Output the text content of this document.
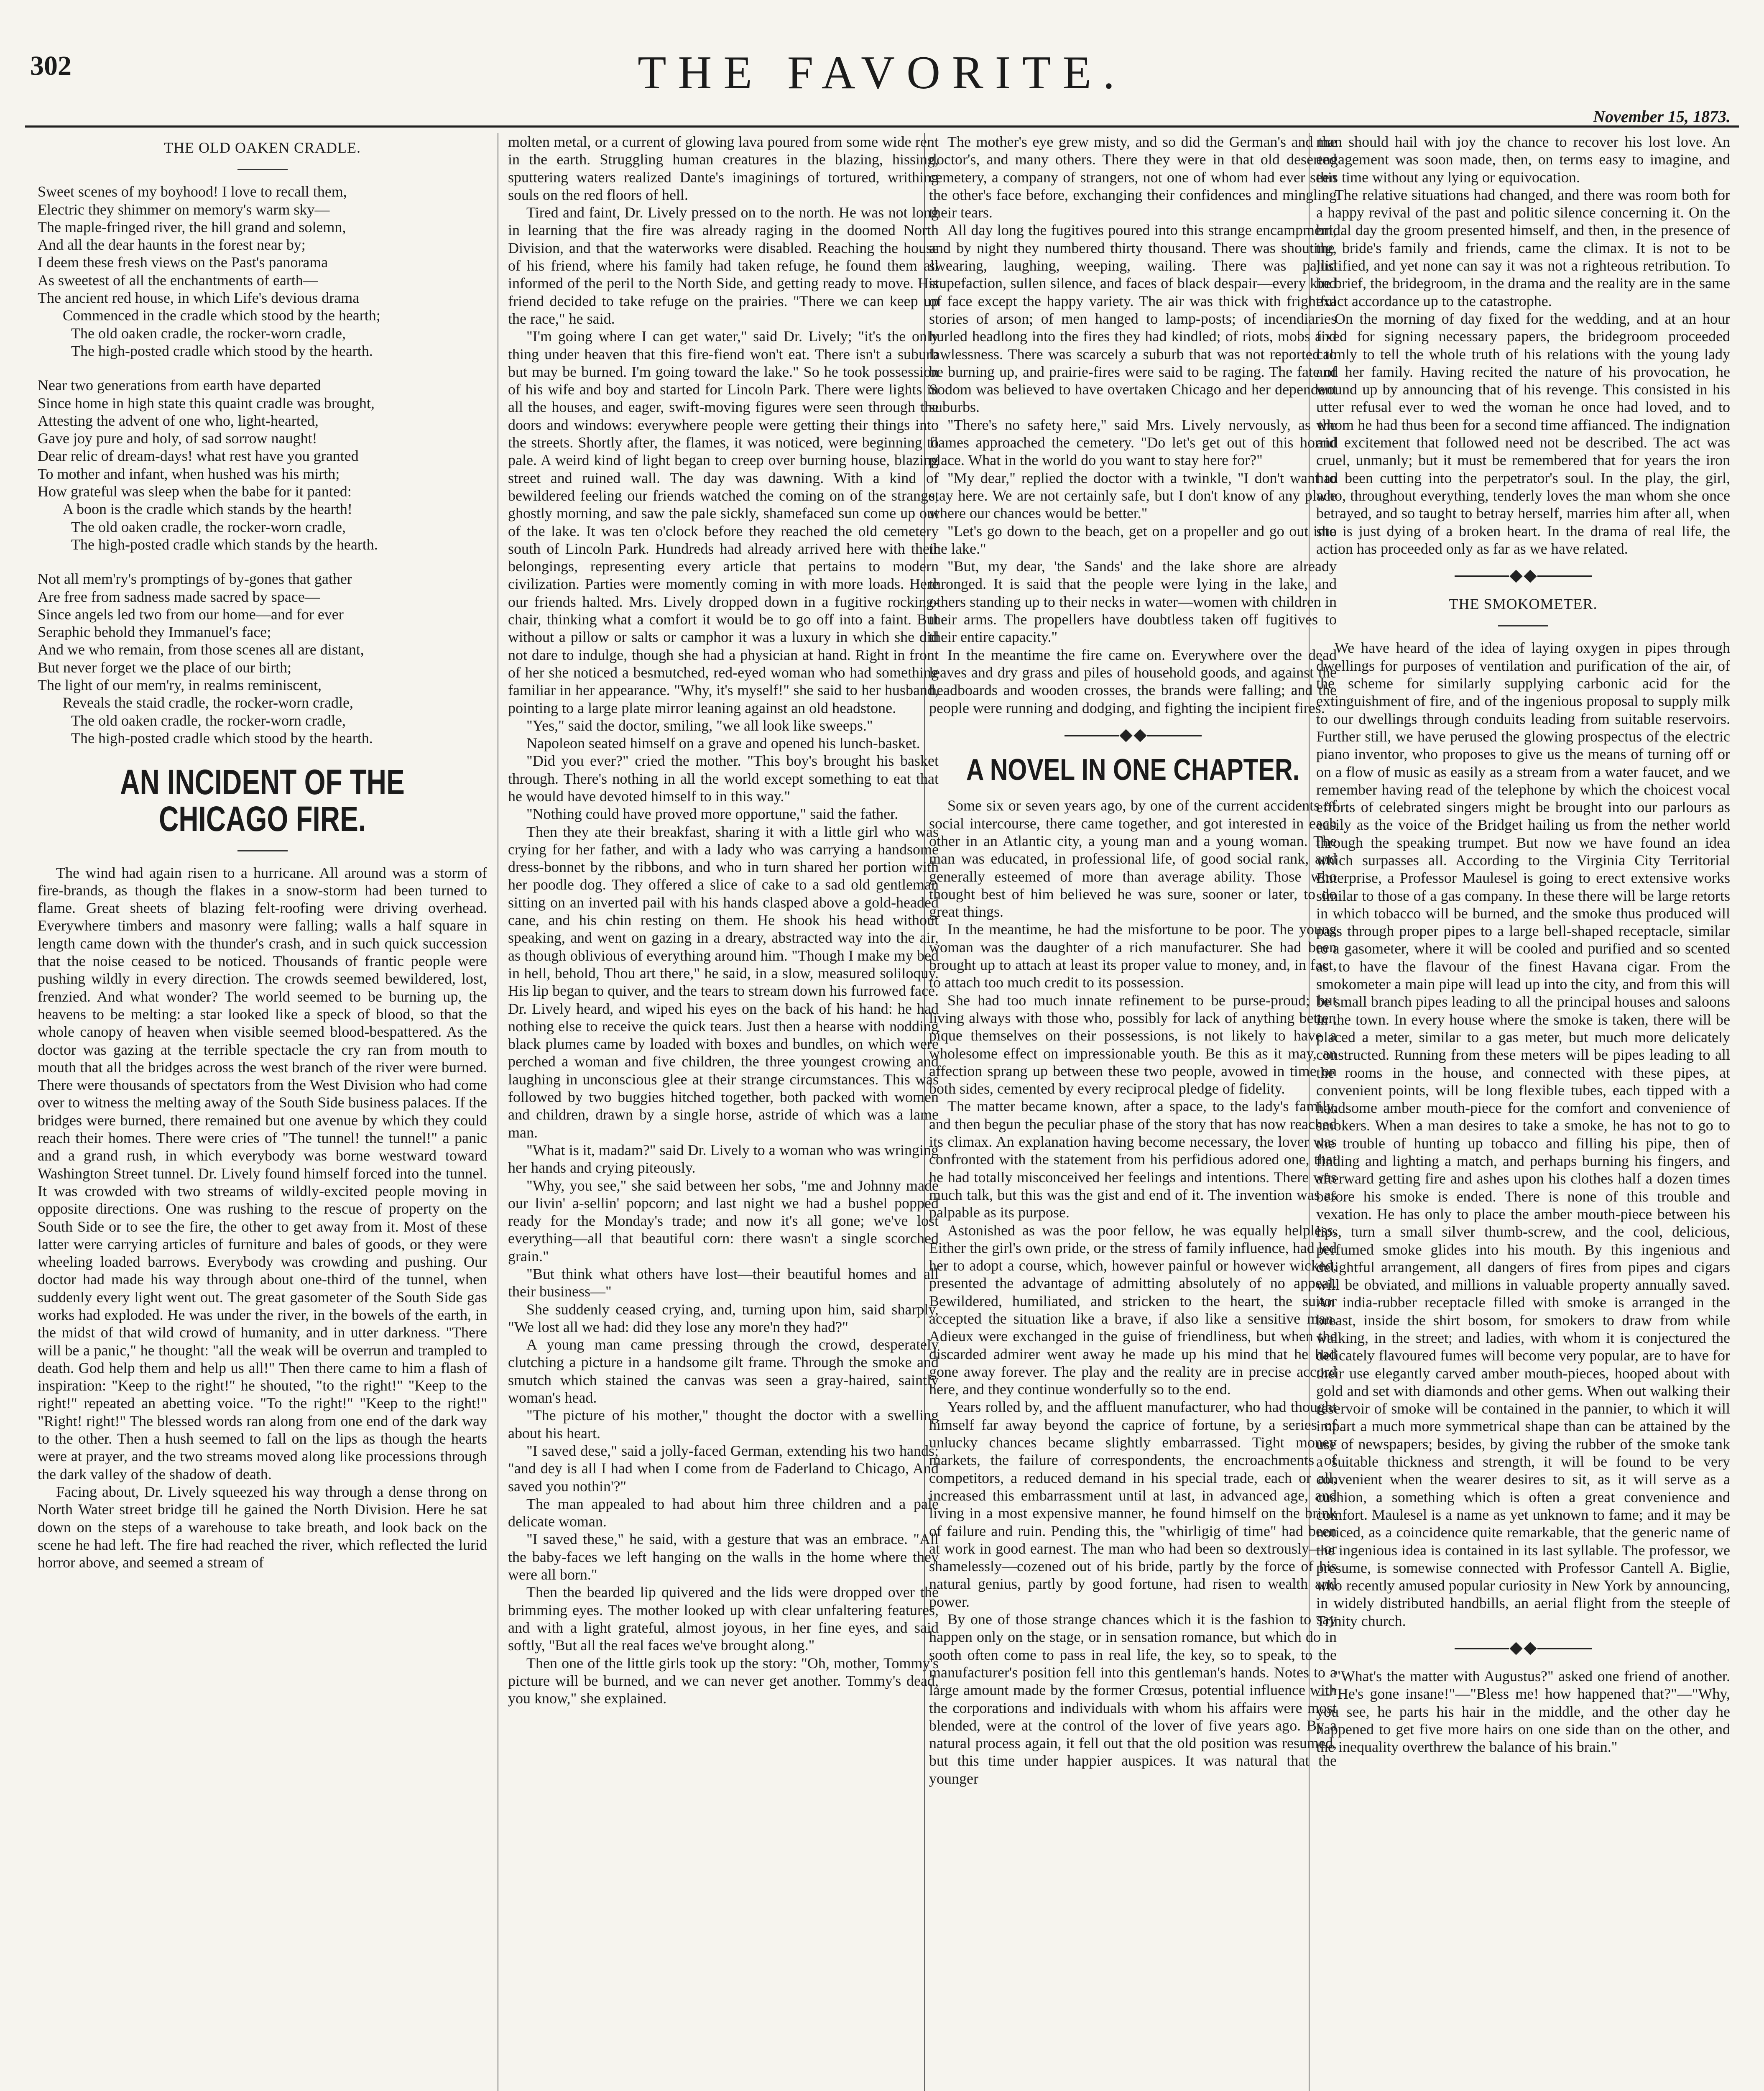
302	THE FAVORITE.
November 15, 1873.
THE OLD OAKEN CRADLE.
Sweet scenes of my boyhood! I love to recall them,
Electric they shimmer on memory's warm sky—
The maple-fringed river, the hill grand and solemn,
And all the dear haunts in the forest near by;
I deem these fresh views on the Past's panorama
As sweetest of all the enchantments of earth—
The ancient red house, in which Life's devious drama
Commenced in the cradle which stood by the hearth;
The old oaken cradle, the rocker-worn cradle,
The high-posted cradle which stood by the hearth.
Near two generations from earth have departed
Since home in high state this quaint cradle was brought,
Attesting the advent of one who, light-hearted,
Gave joy pure and holy, of sad sorrow naught!
Dear relic of dream-days! what rest have you granted
To mother and infant, when hushed was his mirth;
How grateful was sleep when the babe for it panted:
A boon is the cradle which stands by the hearth!
The old oaken cradle, the rocker-worn cradle,
The high-posted cradle which stands by the hearth.
Not all mem'ry's promptings of by-gones that gather
Are free from sadness made sacred by space—
Since angels led two from our home—and for ever
Seraphic behold they Immanuel's face;
And we who remain, from those scenes all are distant,
But never forget we the place of our birth;
The light of our mem'ry, in realms reminiscent,
Reveals the staid cradle, the rocker-worn cradle,
The old oaken cradle, the rocker-worn cradle,
The high-posted cradle which stood by the hearth.
AN INCIDENT OF THE CHICAGO FIRE.

The wind had again risen to a hurricane. All around was a storm of fire-brands, as though the flakes in a snow-storm had been turned to flame. Great sheets of blazing felt-roofing were driving overhead. Everywhere timbers and masonry were falling; walls a half square in length came down with the thunder's crash, and in such quick succession that the noise ceased to be noticed. Thousands of frantic people were pushing wildly in every direction. The crowds seemed bewildered, lost, frenzied. And what wonder? The world seemed to be burning up, the heavens to be melting: a star looked like a speck of blood, so that the whole canopy of heaven when visible seemed blood-bespattered. As the doctor was gazing at the terrible spectacle the cry ran from mouth to mouth that all the bridges across the west branch of the river were burned. There were thousands of spectators from the West Division who had come over to witness the melting away of the South Side business palaces. If the bridges were burned, there remained but one avenue by which they could reach their homes. There were cries of "The tunnel! the tunnel!" a panic and a grand rush, in which everybody was borne westward toward Washington Street tunnel. Dr. Lively found himself forced into the tunnel. It was crowded with two streams of wildly-excited people moving in opposite directions. One was rushing to the rescue of property on the South Side or to see the fire, the other to get away from it. Most of these latter were carrying articles of furniture and bales of goods, or they were wheeling loaded barrows. Everybody was crowding and pushing. Our doctor had made his way through about one-third of the tunnel, when suddenly every light went out. The great gasometer of the South Side gas works had exploded. He was under the river, in the bowels of the earth, in the midst of that wild crowd of humanity, and in utter darkness. "There will be a panic," he thought: "all the weak will be overrun and trampled to death. God help them and help us all!" Then there came to him a flash of inspiration: "Keep to the right!" he shouted, "to the right!" "Keep to the right!" repeated an abetting voice. "To the right!" "Keep to the right!" "Right! right!" The blessed words ran along from one end of the dark way to the other. Then a hush seemed to fall on the lips as though the hearts were at prayer, and the two streams moved along like processions through the dark valley of the shadow of death.

Facing about, Dr. Lively squeezed his way through a dense throng on North Water street bridge till he gained the North Division. Here he sat down on the steps of a warehouse to take breath, and look back on the scene he had left. The fire had reached the river, which reflected the lurid horror above, and seemed a stream of

molten metal, or a current of glowing lava poured from some wide rent in the earth. Struggling human creatures in the blazing, hissing, sputtering waters realized Dante's imaginings of tortured, writhing souls on the red floors of hell.

Tired and faint, Dr. Lively pressed on to the north. He was not long in learning that the fire was already raging in the doomed North Division, and that the waterworks were disabled. Reaching the house of his friend, where his family had taken refuge, he found them all informed of the peril to the North Side, and getting ready to move. His friend decided to take refuge on the prairies. "There we can keep up the race," he said.

"I'm going where I can get water," said Dr. Lively; "it's the only thing under heaven that this fire-fiend won't eat. There isn't a suburb but may be burned. I'm going toward the lake." So he took possession of his wife and boy and started for Lincoln Park. There were lights in all the houses, and eager, swift-moving figures were seen through the doors and windows: everywhere people were getting their things into the streets. Shortly after, the flames, it was noticed, were beginning to pale. A weird kind of light began to creep over burning house, blazing street and ruined wall. The day was dawning. With a kind of bewildered feeling our friends watched the coming on of the strange, ghostly morning, and saw the pale sickly, shamefaced sun come up out of the lake. It was ten o'clock before they reached the old cemetery south of Lincoln Park. Hundreds had already arrived here with their belongings, representing every article that pertains to modern civilization. Parties were momently coming in with more loads. Here our friends halted. Mrs. Lively dropped down in a fugitive rocking-chair, thinking what a comfort it would be to go off into a faint. But without a pillow or salts or camphor it was a luxury in which she did not dare to indulge, though she had a physician at hand. Right in front of her she noticed a besmutched, red-eyed woman who had something familiar in her appearance. "Why, it's myself!" she said to her husband, pointing to a large plate mirror leaning against an old headstone.

"Yes," said the doctor, smiling, "we all look like sweeps."

Napoleon seated himself on a grave and opened his lunch-basket.

"Did you ever?" cried the mother. "This boy's brought his basket through. There's nothing in all the world except something to eat that he would have devoted himself to in this way."

"Nothing could have proved more opportune," said the father.

Then they ate their breakfast, sharing it with a little girl who was crying for her father, and with a lady who was carrying a handsome dress-bonnet by the ribbons, and who in turn shared her portion with her poodle dog. They offered a slice of cake to a sad old gentleman sitting on an inverted pail with his hands clasped above a gold-headed cane, and his chin resting on them. He shook his head without speaking, and went on gazing in a dreary, abstracted way into the air, as though oblivious of everything around him. "Though I make my bed in hell, behold, Thou art there," he said, in a slow, measured soliloquy. His lip began to quiver, and the tears to stream down his furrowed face. Dr. Lively heard, and wiped his eyes on the back of his hand: he had nothing else to receive the quick tears. Just then a hearse with nodding black plumes came by loaded with boxes and bundles, on which were perched a woman and five children, the three youngest crowing and laughing in unconscious glee at their strange circumstances. This was followed by two buggies hitched together, both packed with women and children, drawn by a single horse, astride of which was a lame man.

"What is it, madam?" said Dr. Lively to a woman who was wringing her hands and crying piteously.

"Why, you see," she said between her sobs, "me and Johnny made our livin' a-sellin' popcorn; and last night we had a bushel popped ready for the Monday's trade; and now it's all gone; we've lost everything—all that beautiful corn: there wasn't a single scorched grain."

"But think what others have lost—their beautiful homes and all their business—"

She suddenly ceased crying, and, turning upon him, said sharply, "We lost all we had: did they lose any more'n they had?"

A young man came pressing through the crowd, desperately clutching a picture in a handsome gilt frame. Through the smoke and smutch which stained the canvas was seen a gray-haired, saintly woman's head.

"The picture of his mother," thought the doctor with a swelling about his heart.

"I saved dese," said a jolly-faced German, extending his two hands; "and dey is all I had when I come from de Faderland to Chicago, And saved you nothin'?"

The man appealed to had about him three children and a pale delicate woman.

"I saved these," he said, with a gesture that was an embrace. "All the baby-faces we left hanging on the walls in the home where they were all born."

Then the bearded lip quivered and the lids were dropped over the brimming eyes. The mother looked up with clear unfaltering features, and with a light grateful, almost joyous, in her fine eyes, and said softly, "But all the real faces we've brought along."

Then one of the little girls took up the story: "Oh, mother, Tommy's picture will be burned, and we can never get another. Tommy's dead, you know," she explained.

The mother's eye grew misty, and so did the German's and the doctor's, and many others. There they were in that old deserted cemetery, a company of strangers, not one of whom had ever seen the other's face before, exchanging their confidences and mingling their tears.

All day long the fugitives poured into this strange encampment, and by night they numbered thirty thousand. There was shouting, swearing, laughing, weeping, wailing. There was pallid stupefaction, sullen silence, and faces of black despair—every kind of face except the happy variety. The air was thick with frightful stories of arson; of men hanged to lamp-posts; of incendiaries hurled headlong into the fires they had kindled; of riots, mobs and lawlessness. There was scarcely a suburb that was not reported to be burning up, and prairie-fires were said to be raging. The fate of Sodom was believed to have overtaken Chicago and her dependent suburbs.

"There's no safety here," said Mrs. Lively nervously, as the flames approached the cemetery. "Do let's get out of this horrid place. What in the world do you want to stay here for?"

"My dear," replied the doctor with a twinkle, "I don't want to stay here. We are not certainly safe, but I don't know of any place where our chances would be better."

"Let's go down to the beach, get on a propeller and go out into the lake."

"But, my dear, 'the Sands' and the lake shore are already thronged. It is said that the people were lying in the lake, and others standing up to their necks in water—women with children in their arms. The propellers have doubtless taken off fugitives to their entire capacity."

In the meantime the fire came on. Everywhere over the dead leaves and dry grass and piles of household goods, and against the headboards and wooden crosses, the brands were falling; and the people were running and dodging, and fighting the incipient fires.

A NOVEL IN ONE CHAPTER.

Some six or seven years ago, by one of the current accidents of social intercourse, there came together, and got interested in each other in an Atlantic city, a young man and a young woman. The man was educated, in professional life, of good social rank, and generally esteemed of more than average ability. Those who thought best of him believed he was sure, sooner or later, to do great things.

In the meantime, he had the misfortune to be poor. The young woman was the daughter of a rich manufacturer. She had been brought up to attach at least its proper value to money, and, in fact, to attach too much credit to its possession.

She had too much innate refinement to be purse-proud; but living always with those who, possibly for lack of anything better, pique themselves on their possessions, is not likely to have a wholesome effect on impressionable youth. Be this as it may, an affection sprang up between these two people, avowed in time on both sides, cemented by every reciprocal pledge of fidelity.

The matter became known, after a space, to the lady's family, and then begun the peculiar phase of the story that has now reached its climax. An explanation having become necessary, the lover was confronted with the statement from his perfidious adored one, that he had totally misconceived her feelings and intentions. There was much talk, but this was the gist and end of it. The invention was as palpable as its purpose.

Astonished as was the poor fellow, he was equally helpless. Either the girl's own pride, or the stress of family influence, had led her to adopt a course, which, however painful or however wicked, presented the advantage of admitting absolutely of no appeal. Bewildered, humiliated, and stricken to the heart, the suitor accepted the situation like a brave, if also like a sensitive man. Adieux were exchanged in the guise of friendliness, but when the discarded admirer went away he made up his mind that he had gone away forever. The play and the reality are in precise accord here, and they continue wonderfully so to the end.

Years rolled by, and the affluent manufacturer, who had thought himself far away beyond the caprice of fortune, by a series of unlucky chances became slightly embarrassed. Tight money markets, the failure of correspondents, the encroachments of competitors, a reduced demand in his special trade, each or all, increased this embarrassment until at last, in advanced age, and living in a most expensive manner, he found himself on the brink of failure and ruin. Pending this, the "whirligig of time" had been at work in good earnest. The man who had been so dextrously—or shamelessly—cozened out of his bride, partly by the force of his natural genius, partly by good fortune, had risen to wealth and power.

By one of those strange chances which it is the fashion to say happen only on the stage, or in sensation romance, but which do in sooth often come to pass in real life, the key, so to speak, to the manufacturer's position fell into this gentleman's hands. Notes to a large amount made by the former Crœsus, potential influence with the corporations and individuals with whom his affairs were most blended, were at the control of the lover of five years ago. By a natural process again, it fell out that the old position was resumed, but this time under happier auspices. It was natural that the younger

man should hail with joy the chance to recover his lost love. An engagement was soon made, then, on terms easy to imagine, and this time without any lying or equivocation.

The relative situations had changed, and there was room both for a happy revival of the past and politic silence concerning it. On the bridal day the groom presented himself, and then, in the presence of the bride's family and friends, came the climax. It is not to be justified, and yet none can say it was not a righteous retribution. To be brief, the bridegroom, in the drama and the reality are in the same exact accordance up to the catastrophe.

On the morning of day fixed for the wedding, and at an hour fixed for signing necessary papers, the bridegroom proceeded calmly to tell the whole truth of his relations with the young lady and her family. Having recited the nature of his provocation, he wound up by announcing that of his revenge. This consisted in his utter refusal ever to wed the woman he once had loved, and to whom he had thus been for a second time affianced. The indignation and excitement that followed need not be described. The act was cruel, unmanly; but it must be remembered that for years the iron had been cutting into the perpetrator's soul. In the play, the girl, who, throughout everything, tenderly loves the man whom she once betrayed, and so taught to betray herself, marries him after all, when she is just dying of a broken heart. In the drama of real life, the action has proceeded only as far as we have related.

THE SMOKOMETER.

We have heard of the idea of laying oxygen in pipes through dwellings for purposes of ventilation and purification of the air, of the scheme for similarly supplying carbonic acid for the extinguishment of fire, and of the ingenious proposal to supply milk to our dwellings through conduits leading from suitable reservoirs. Further still, we have perused the glowing prospectus of the electric piano inventor, who proposes to give us the means of turning off or on a flow of music as easily as a stream from a water faucet, and we remember having read of the telephone by which the choicest vocal efforts of celebrated singers might be brought into our parlours as easily as the voice of the Bridget hailing us from the nether world through the speaking trumpet. But now we have found an idea which surpasses all. According to the Virginia City Territorial Enterprise, a Professor Maulesel is going to erect extensive works similar to those of a gas company. In these there will be large retorts in which tobacco will be burned, and the smoke thus produced will pass through proper pipes to a large bell-shaped receptacle, similar to a gasometer, where it will be cooled and purified and so scented as to have the flavour of the finest Havana cigar. From the smokometer a main pipe will lead up into the city, and from this will be small branch pipes leading to all the principal houses and saloons in the town. In every house where the smoke is taken, there will be placed a meter, similar to a gas meter, but much more delicately constructed. Running from these meters will be pipes leading to all the rooms in the house, and connected with these pipes, at convenient points, will be long flexible tubes, each tipped with a handsome amber mouth-piece for the comfort and convenience of smokers. When a man desires to take a smoke, he has not to go to the trouble of hunting up tobacco and filling his pipe, then of finding and lighting a match, and perhaps burning his fingers, and afterward getting fire and ashes upon his clothes half a dozen times before his smoke is ended. There is none of this trouble and vexation. He has only to place the amber mouth-piece between his lips, turn a small silver thumb-screw, and the cool, delicious, perfumed smoke glides into his mouth. By this ingenious and delightful arrangement, all dangers of fires from pipes and cigars will be obviated, and millions in valuable property annually saved. An india-rubber receptacle filled with smoke is arranged in the breast, inside the shirt bosom, for smokers to draw from while walking, in the street; and ladies, with whom it is conjectured the delicately flavoured fumes will become very popular, are to have for their use elegantly carved amber mouth-pieces, hooped about with gold and set with diamonds and other gems. When out walking their reservoir of smoke will be contained in the pannier, to which it will impart a much more symmetrical shape than can be attained by the use of newspapers; besides, by giving the rubber of the smoke tank a suitable thickness and strength, it will be found to be very convenient when the wearer desires to sit, as it will serve as a cushion, a something which is often a great convenience and comfort. Maulesel is a name as yet unknown to fame; and it may be noticed, as a coincidence quite remarkable, that the generic name of the ingenious idea is contained in its last syllable. The professor, we presume, is somewise connected with Professor Cantell A. Biglie, who recently amused popular curiosity in New York by announcing, in widely distributed handbills, an aerial flight from the steeple of Trinity church.

"What's the matter with Augustus?" asked one friend of another.—"He's gone insane!"—"Bless me! how happened that?"—"Why, you see, he parts his hair in the middle, and the other day he happened to get five more hairs on one side than on the other, and the inequality overthrew the balance of his brain."
